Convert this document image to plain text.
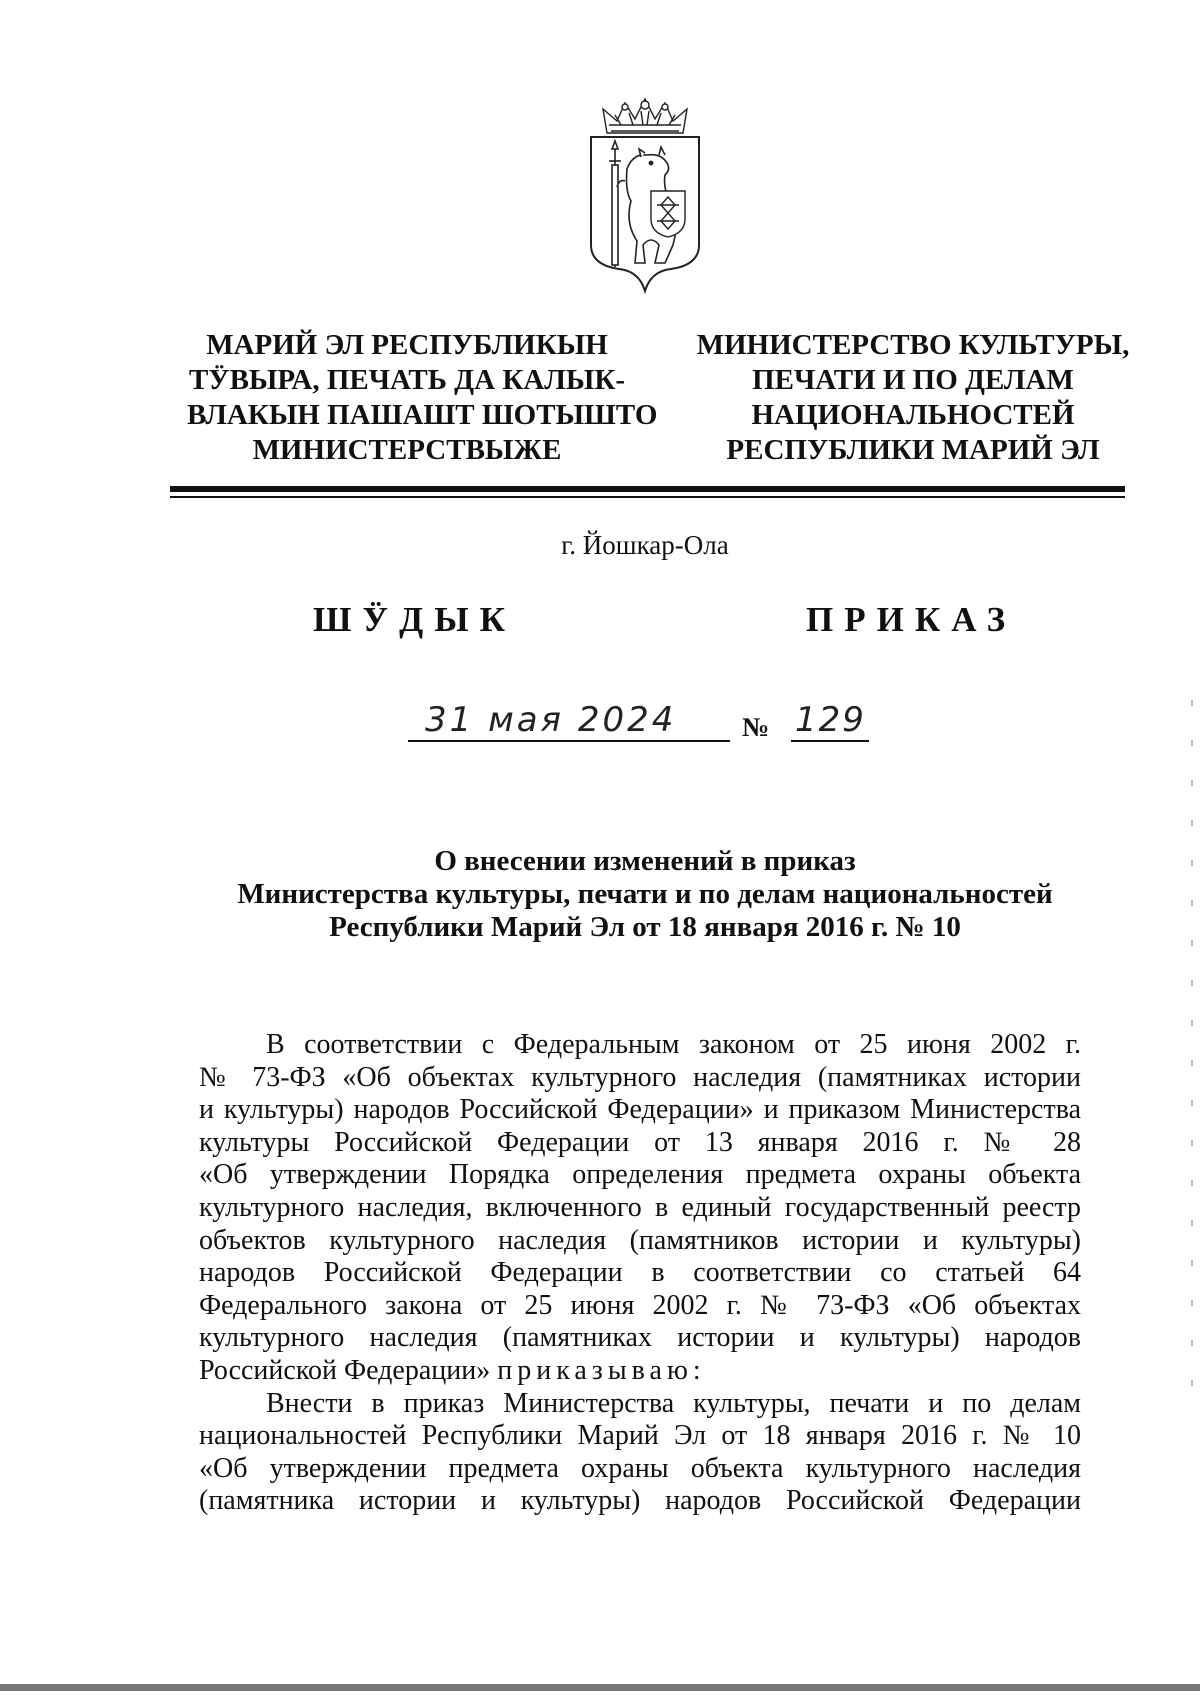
МАРИЙ ЭЛ РЕСПУБЛИКЫН
ТӰВЫРА, ПЕЧАТЬ ДА КАЛЫК-
ВЛАКЫН ПАШАШТ ШОТЫШТО
МИНИСТЕРСТВЫЖЕ
МИНИСТЕРСТВО КУЛЬТУРЫ,
ПЕЧАТИ И ПО ДЕЛАМ
НАЦИОНАЛЬНОСТЕЙ
РЕСПУБЛИКИ МАРИЙ ЭЛ
г. Йошкар-Ола
ШӰДЫК	ПРИКАЗ
31 мая 2024 № 129
О внесении изменений в приказ
Министерства культуры, печати и по делам национальностей
Республики Марий Эл от 18 января 2016 г. № 10
В соответствии с Федеральным законом от 25 июня 2002 г.
№ 73-ФЗ «Об объектах культурного наследия (памятниках истории
и культуры) народов Российской Федерации» и приказом Министерства
культуры Российской Федерации от 13 января 2016 г. № 28
«Об утверждении Порядка определения предмета охраны объекта
культурного наследия, включенного в единый государственный реестр
объектов культурного наследия (памятников истории и культуры)
народов Российской Федерации в соответствии со статьей 64
Федерального закона от 25 июня 2002 г. № 73-ФЗ «Об объектах
культурного наследия (памятниках истории и культуры) народов
Российской Федерации» приказываю:
Внести в приказ Министерства культуры, печати и по делам
национальностей Республики Марий Эл от 18 января 2016 г. № 10
«Об утверждении предмета охраны объекта культурного наследия
(памятника истории и культуры) народов Российской Федерации
